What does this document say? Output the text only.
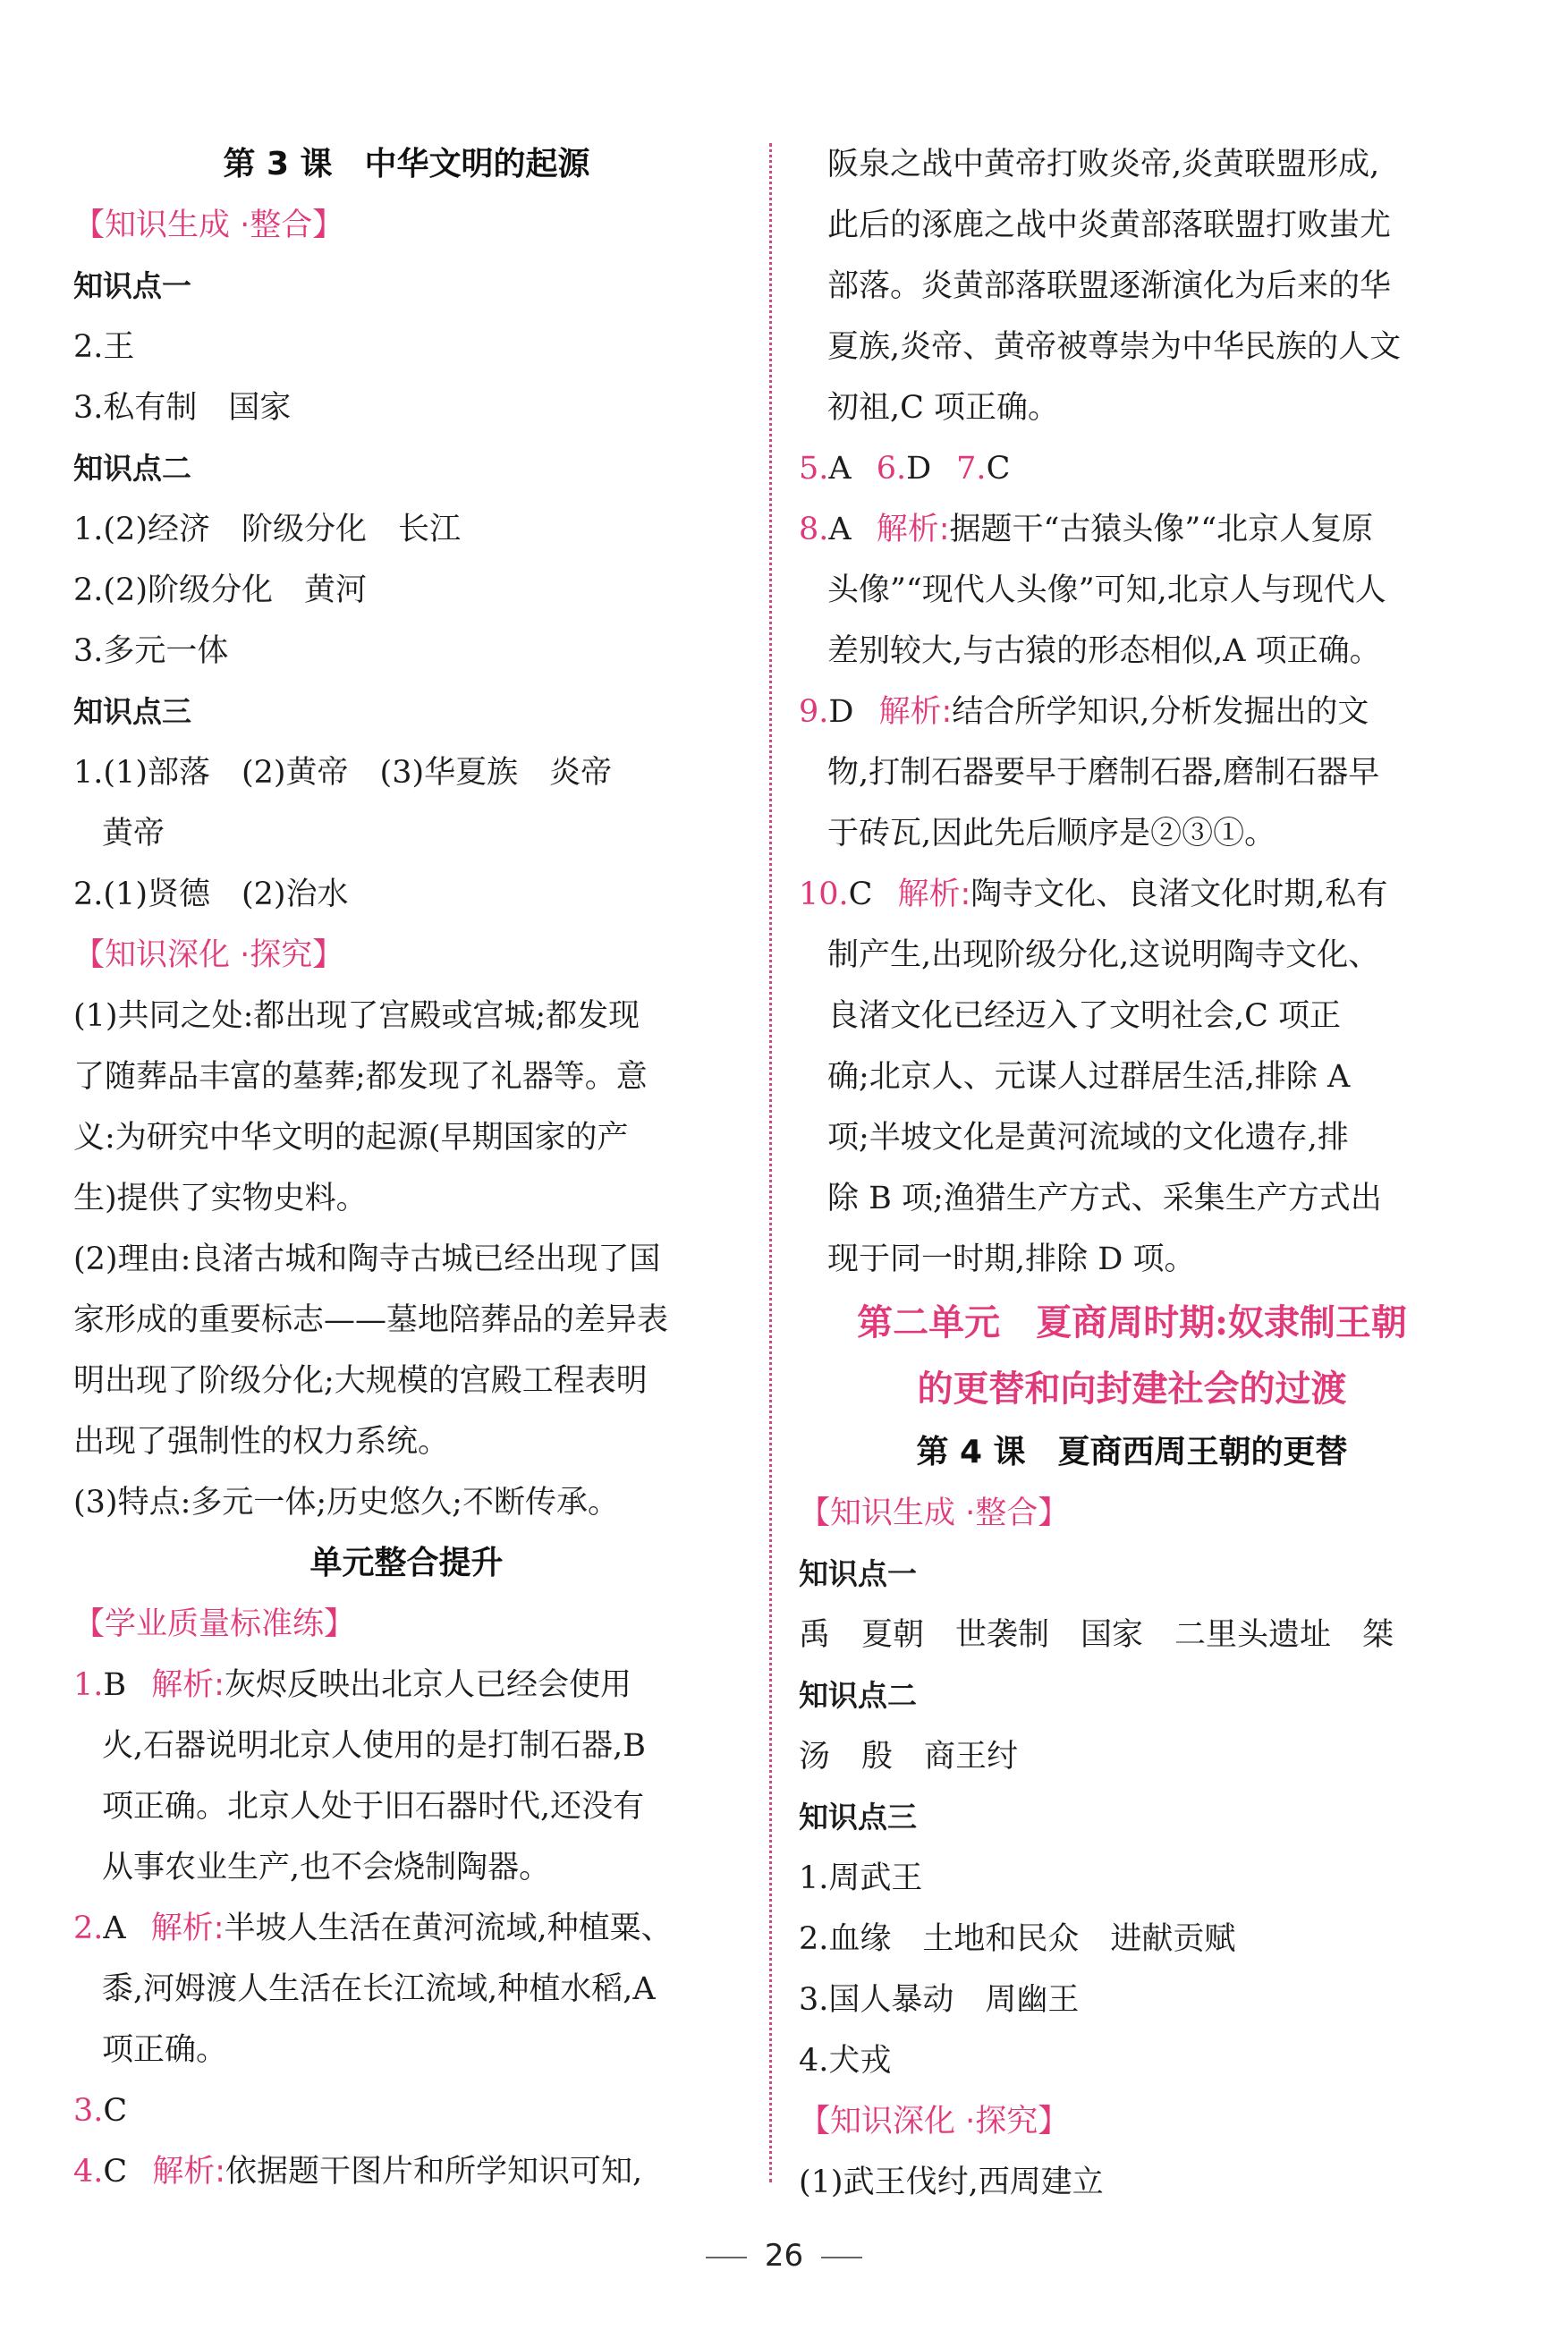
第 3 课　中华文明的起源
【知识生成 ·整合】
知识点一
2.王
3.私有制　国家
知识点二
1.(2)经济　阶级分化　长江
2.(2)阶级分化　黄河
3.多元一体
知识点三
1.(1)部落　(2)黄帝　(3)华夏族　炎帝
黄帝
2.(1)贤德　(2)治水
【知识深化 ·探究】
(1)共同之处:都出现了宫殿或宫城;都发现
了随葬品丰富的墓葬;都发现了礼器等。意
义:为研究中华文明的起源(早期国家的产
生)提供了实物史料。
(2)理由:良渚古城和陶寺古城已经出现了国
家形成的重要标志——墓地陪葬品的差异表
明出现了阶级分化;大规模的宫殿工程表明
出现了强制性的权力系统。
(3)特点:多元一体;历史悠久;不断传承。
单元整合提升
【学业质量标准练】
1.B 解析:灰烬反映出北京人已经会使用
火,石器说明北京人使用的是打制石器,B
项正确。北京人处于旧石器时代,还没有
从事农业生产,也不会烧制陶器。
2.A 解析:半坡人生活在黄河流域,种植粟、
黍,河姆渡人生活在长江流域,种植水稻,A
项正确。
3.C
4.C 解析:依据题干图片和所学知识可知,
阪泉之战中黄帝打败炎帝,炎黄联盟形成,
此后的涿鹿之战中炎黄部落联盟打败蚩尤
部落。炎黄部落联盟逐渐演化为后来的华
夏族,炎帝、黄帝被尊崇为中华民族的人文
初祖,C 项正确。
5.A 6.D 7.C
8.A 解析:据题干“古猿头像”“北京人复原
头像”“现代人头像”可知,北京人与现代人
差别较大,与古猿的形态相似,A 项正确。
9.D 解析:结合所学知识,分析发掘出的文
物,打制石器要早于磨制石器,磨制石器早
于砖瓦,因此先后顺序是②③①。
10.C 解析:陶寺文化、良渚文化时期,私有
制产生,出现阶级分化,这说明陶寺文化、
良渚文化已经迈入了文明社会,C 项正
确;北京人、元谋人过群居生活,排除 A
项;半坡文化是黄河流域的文化遗存,排
除 B 项;渔猎生产方式、采集生产方式出
现于同一时期,排除 D 项。
第二单元　夏商周时期:奴隶制王朝
的更替和向封建社会的过渡
第 4 课　夏商西周王朝的更替
【知识生成 ·整合】
知识点一
禹　夏朝　世袭制　国家　二里头遗址　桀
知识点二
汤　殷　商王纣
知识点三
1.周武王
2.血缘　土地和民众　进献贡赋
3.国人暴动　周幽王
4.犬戎
【知识深化 ·探究】
(1)武王伐纣,西周建立
26
